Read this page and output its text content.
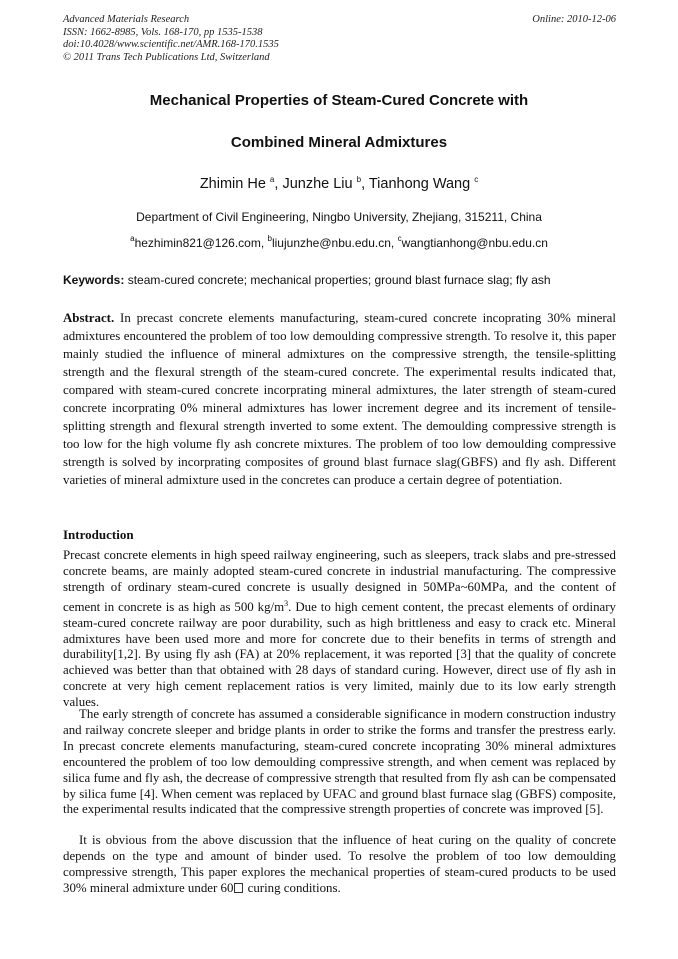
Advanced Materials Research
ISSN: 1662-8985, Vols. 168-170, pp 1535-1538
doi:10.4028/www.scientific.net/AMR.168-170.1535
© 2011 Trans Tech Publications Ltd, Switzerland
Online: 2010-12-06
Mechanical Properties of Steam-Cured Concrete with
Combined Mineral Admixtures
Zhimin He $^a$, Junzhe Liu $^b$, Tianhong Wang $^c$
Department of Civil Engineering, Ningbo University, Zhejiang, 315211, China
$^a$hezhimin821@126.com, $^b$liujunzhe@nbu.edu.cn, $^c$wangtianhong@nbu.edu.cn
Keywords: steam-cured concrete; mechanical properties; ground blast furnace slag; fly ash
Abstract. In precast concrete elements manufacturing, steam-cured concrete incoprating 30% mineral admixtures encountered the problem of too low demoulding compressive strength. To resolve it, this paper mainly studied the influence of mineral admixtures on the compressive strength, the tensile-splitting strength and the flexural strength of the steam-cured concrete. The experimental results indicated that, compared with steam-cured concrete incorprating mineral admixtures, the later strength of steam-cured concrete incorprating 0% mineral admixtures has lower increment degree and its increment of tensile-splitting strength and flexural strength inverted to some extent. The demoulding compressive strength is too low for the high volume fly ash concrete mixtures. The problem of too low demoulding compressive strength is solved by incorprating composites of ground blast furnace slag(GBFS) and fly ash. Different varieties of mineral admixture used in the concretes can produce a certain degree of potentiation.
Introduction
Precast concrete elements in high speed railway engineering, such as sleepers, track slabs and pre-stressed concrete beams, are mainly adopted steam-cured concrete in industrial manufacturing. The compressive strength of ordinary steam-cured concrete is usually designed in 50MPa~60MPa, and the content of cement in concrete is as high as 500 $kg/m^3$. Due to high cement content, the precast elements of ordinary steam-cured concrete railway are poor durability, such as high brittleness and easy to crack etc. Mineral admixtures have been used more and more for concrete due to their benefits in terms of strength and durability[1,2]. By using fly ash (FA) at 20% replacement, it was reported [3] that the quality of concrete achieved was better than that obtained with 28 days of standard curing. However, direct use of fly ash in concrete at very high cement replacement ratios is very limited, mainly due to its low early strength values.
The early strength of concrete has assumed a considerable significance in modern construction industry and railway concrete sleeper and bridge plants in order to strike the forms and transfer the prestress early. In precast concrete elements manufacturing, steam-cured concrete incoprating 30% mineral admixtures encountered the problem of too low demoulding compressive strength, and when cement was replaced by silica fume and fly ash, the decrease of compressive strength that resulted from fly ash can be compensated by silica fume [4]. When cement was replaced by UFAC and ground blast furnace slag (GBFS) composite, the experimental results indicated that the compressive strength properties of concrete was improved [5].
It is obvious from the above discussion that the influence of heat curing on the quality of concrete depends on the type and amount of binder used. To resolve the problem of too low demoulding compressive strength, This paper explores the mechanical properties of steam-cured products to be used 30% mineral admixture under 60 curing conditions.
